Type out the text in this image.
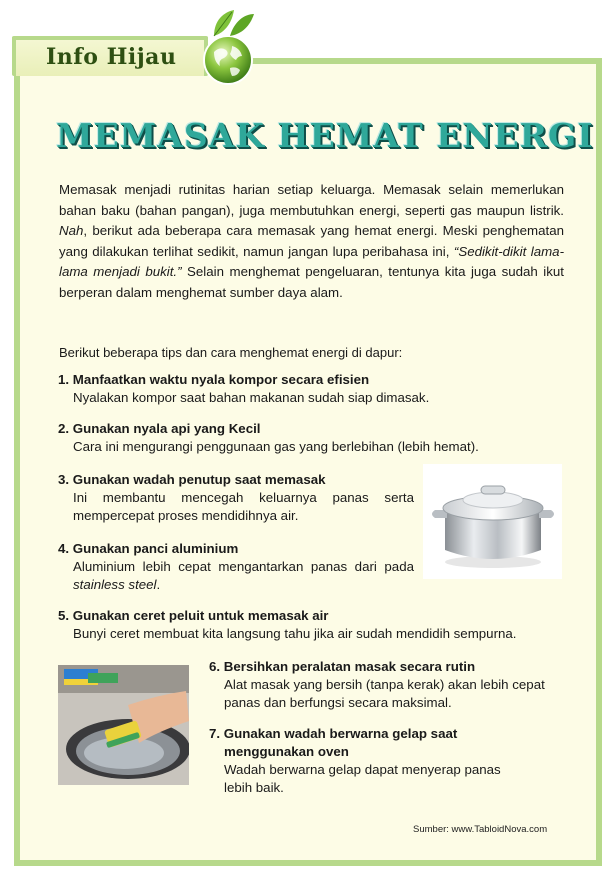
Info Hijau
MEMASAK HEMAT ENERGI

Memasak menjadi rutinitas harian setiap keluarga. Memasak selain memerlukan bahan baku (bahan pangan), juga membutuhkan energi, seperti gas maupun listrik. Nah, berikut ada beberapa cara memasak yang hemat energi. Meski penghematan yang dilakukan terlihat sedikit, namun jangan lupa peribahasa ini, “Sedikit-dikit lama-lama menjadi bukit.” Selain menghemat pengeluaran, tentunya kita juga sudah ikut berperan dalam menghemat sumber daya alam.

Berikut beberapa tips dan cara menghemat energi di dapur:
1. Manfaatkan waktu nyala kompor secara efisien
Nyalakan kompor saat bahan makanan sudah siap dimasak.
2. Gunakan nyala api yang Kecil
Cara ini mengurangi penggunaan gas yang berlebihan (lebih hemat).
3. Gunakan wadah penutup saat memasak
Ini membantu mencegah keluarnya panas serta mempercepat proses mendidihnya air.
4. Gunakan panci aluminium
Aluminium lebih cepat mengantarkan panas dari pada stainless steel.
5. Gunakan ceret peluit untuk memasak air
Bunyi ceret membuat kita langsung tahu jika air sudah mendidih sempurna.
6. Bersihkan peralatan masak secara rutin
Alat masak yang bersih (tanpa kerak) akan lebih cepat panas dan berfungsi secara maksimal.
7. Gunakan wadah berwarna gelap saat menggunakan oven
Wadah berwarna gelap dapat menyerap panas lebih baik.
Sumber: www.TabloidNova.com
